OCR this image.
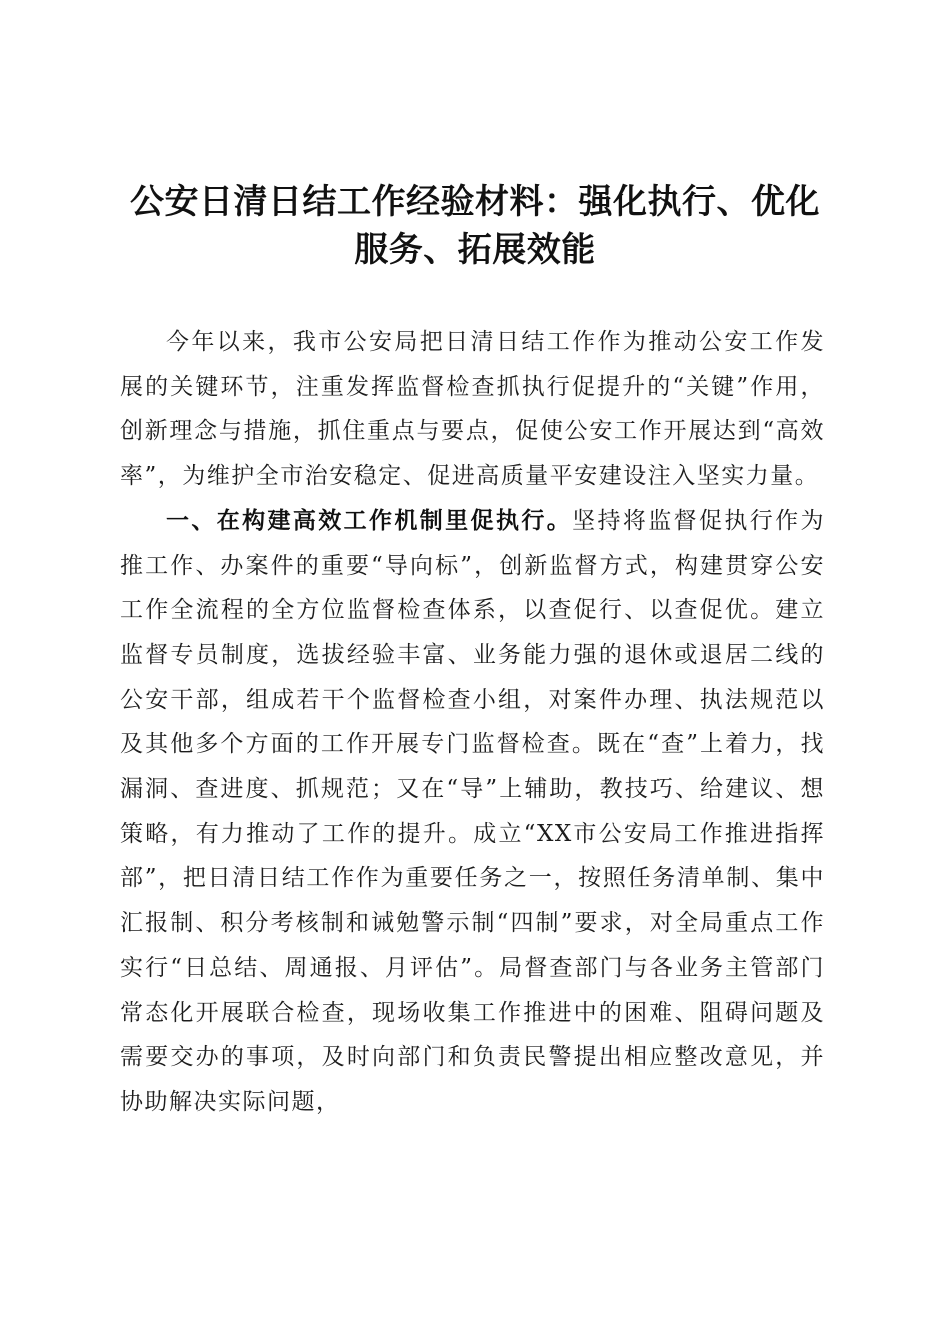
公安日清日结工作经验材料：强化执行、优化
服务、拓展效能

今年以来，我市公安局把日清日结工作作为推动公安工作发展的关键环节，注重发挥监督检查抓执行促提升的“关键”作用，创新理念与措施，抓住重点与要点，促使公安工作开展达到“高效率”，为维护全市治安稳定、促进高质量平安建设注入坚实力量。

一、在构建高效工作机制里促执行。坚持将监督促执行作为推工作、办案件的重要“导向标”，创新监督方式，构建贯穿公安工作全流程的全方位监督检查体系，以查促行、以查促优。建立监督专员制度，选拔经验丰富、业务能力强的退休或退居二线的公安干部，组成若干个监督检查小组，对案件办理、执法规范以及其他多个方面的工作开展专门监督检查。既在“查”上着力，找漏洞、查进度、抓规范；又在“导”上辅助，教技巧、给建议、想策略，有力推动了工作的提升。成立“XX市公安局工作推进指挥部”，把日清日结工作作为重要任务之一，按照任务清单制、集中汇报制、积分考核制和诫勉警示制“四制”要求，对全局重点工作实行“日总结、周通报、月评估”。局督查部门与各业务主管部门常态化开展联合检查，现场收集工作推进中的困难、阻碍问题及需要交办的事项，及时向部门和负责民警提出相应整改意见，并协助解决实际问题，
